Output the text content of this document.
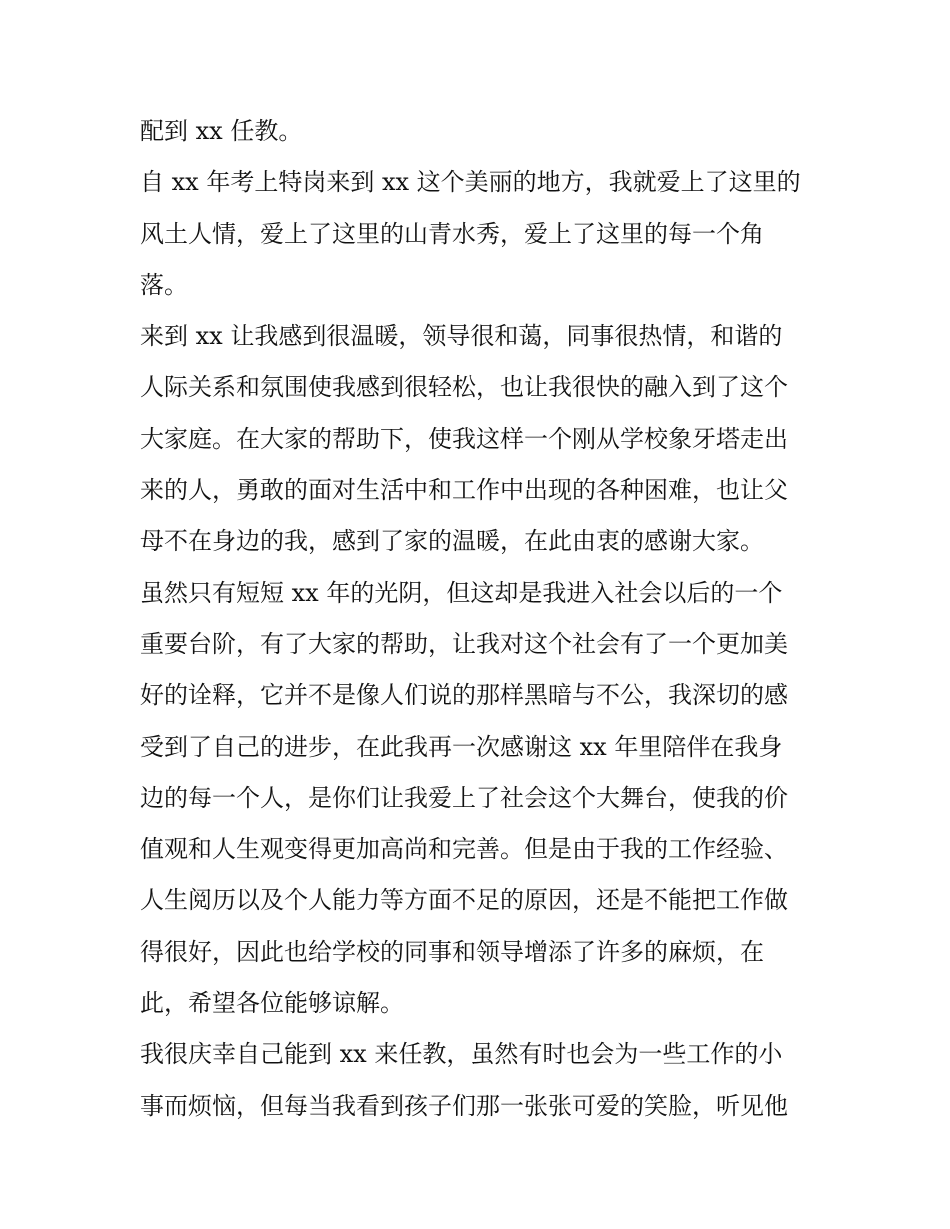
配到 xx 任教。
自 xx 年考上特岗来到 xx 这个美丽的地方，我就爱上了这里的
风土人情，爱上了这里的山青水秀，爱上了这里的每一个角
落。
来到 xx 让我感到很温暖，领导很和蔼，同事很热情，和谐的
人际关系和氛围使我感到很轻松，也让我很快的融入到了这个
大家庭。在大家的帮助下，使我这样一个刚从学校象牙塔走出
来的人，勇敢的面对生活中和工作中出现的各种困难，也让父
母不在身边的我，感到了家的温暖，在此由衷的感谢大家。
虽然只有短短 xx 年的光阴，但这却是我进入社会以后的一个
重要台阶，有了大家的帮助，让我对这个社会有了一个更加美
好的诠释，它并不是像人们说的那样黑暗与不公，我深切的感
受到了自己的进步，在此我再一次感谢这 xx 年里陪伴在我身
边的每一个人，是你们让我爱上了社会这个大舞台，使我的价
值观和人生观变得更加高尚和完善。但是由于我的工作经验、
人生阅历以及个人能力等方面不足的原因，还是不能把工作做
得很好，因此也给学校的同事和领导增添了许多的麻烦，在
此，希望各位能够谅解。
我很庆幸自己能到 xx 来任教，虽然有时也会为一些工作的小
事而烦恼，但每当我看到孩子们那一张张可爱的笑脸，听见他
